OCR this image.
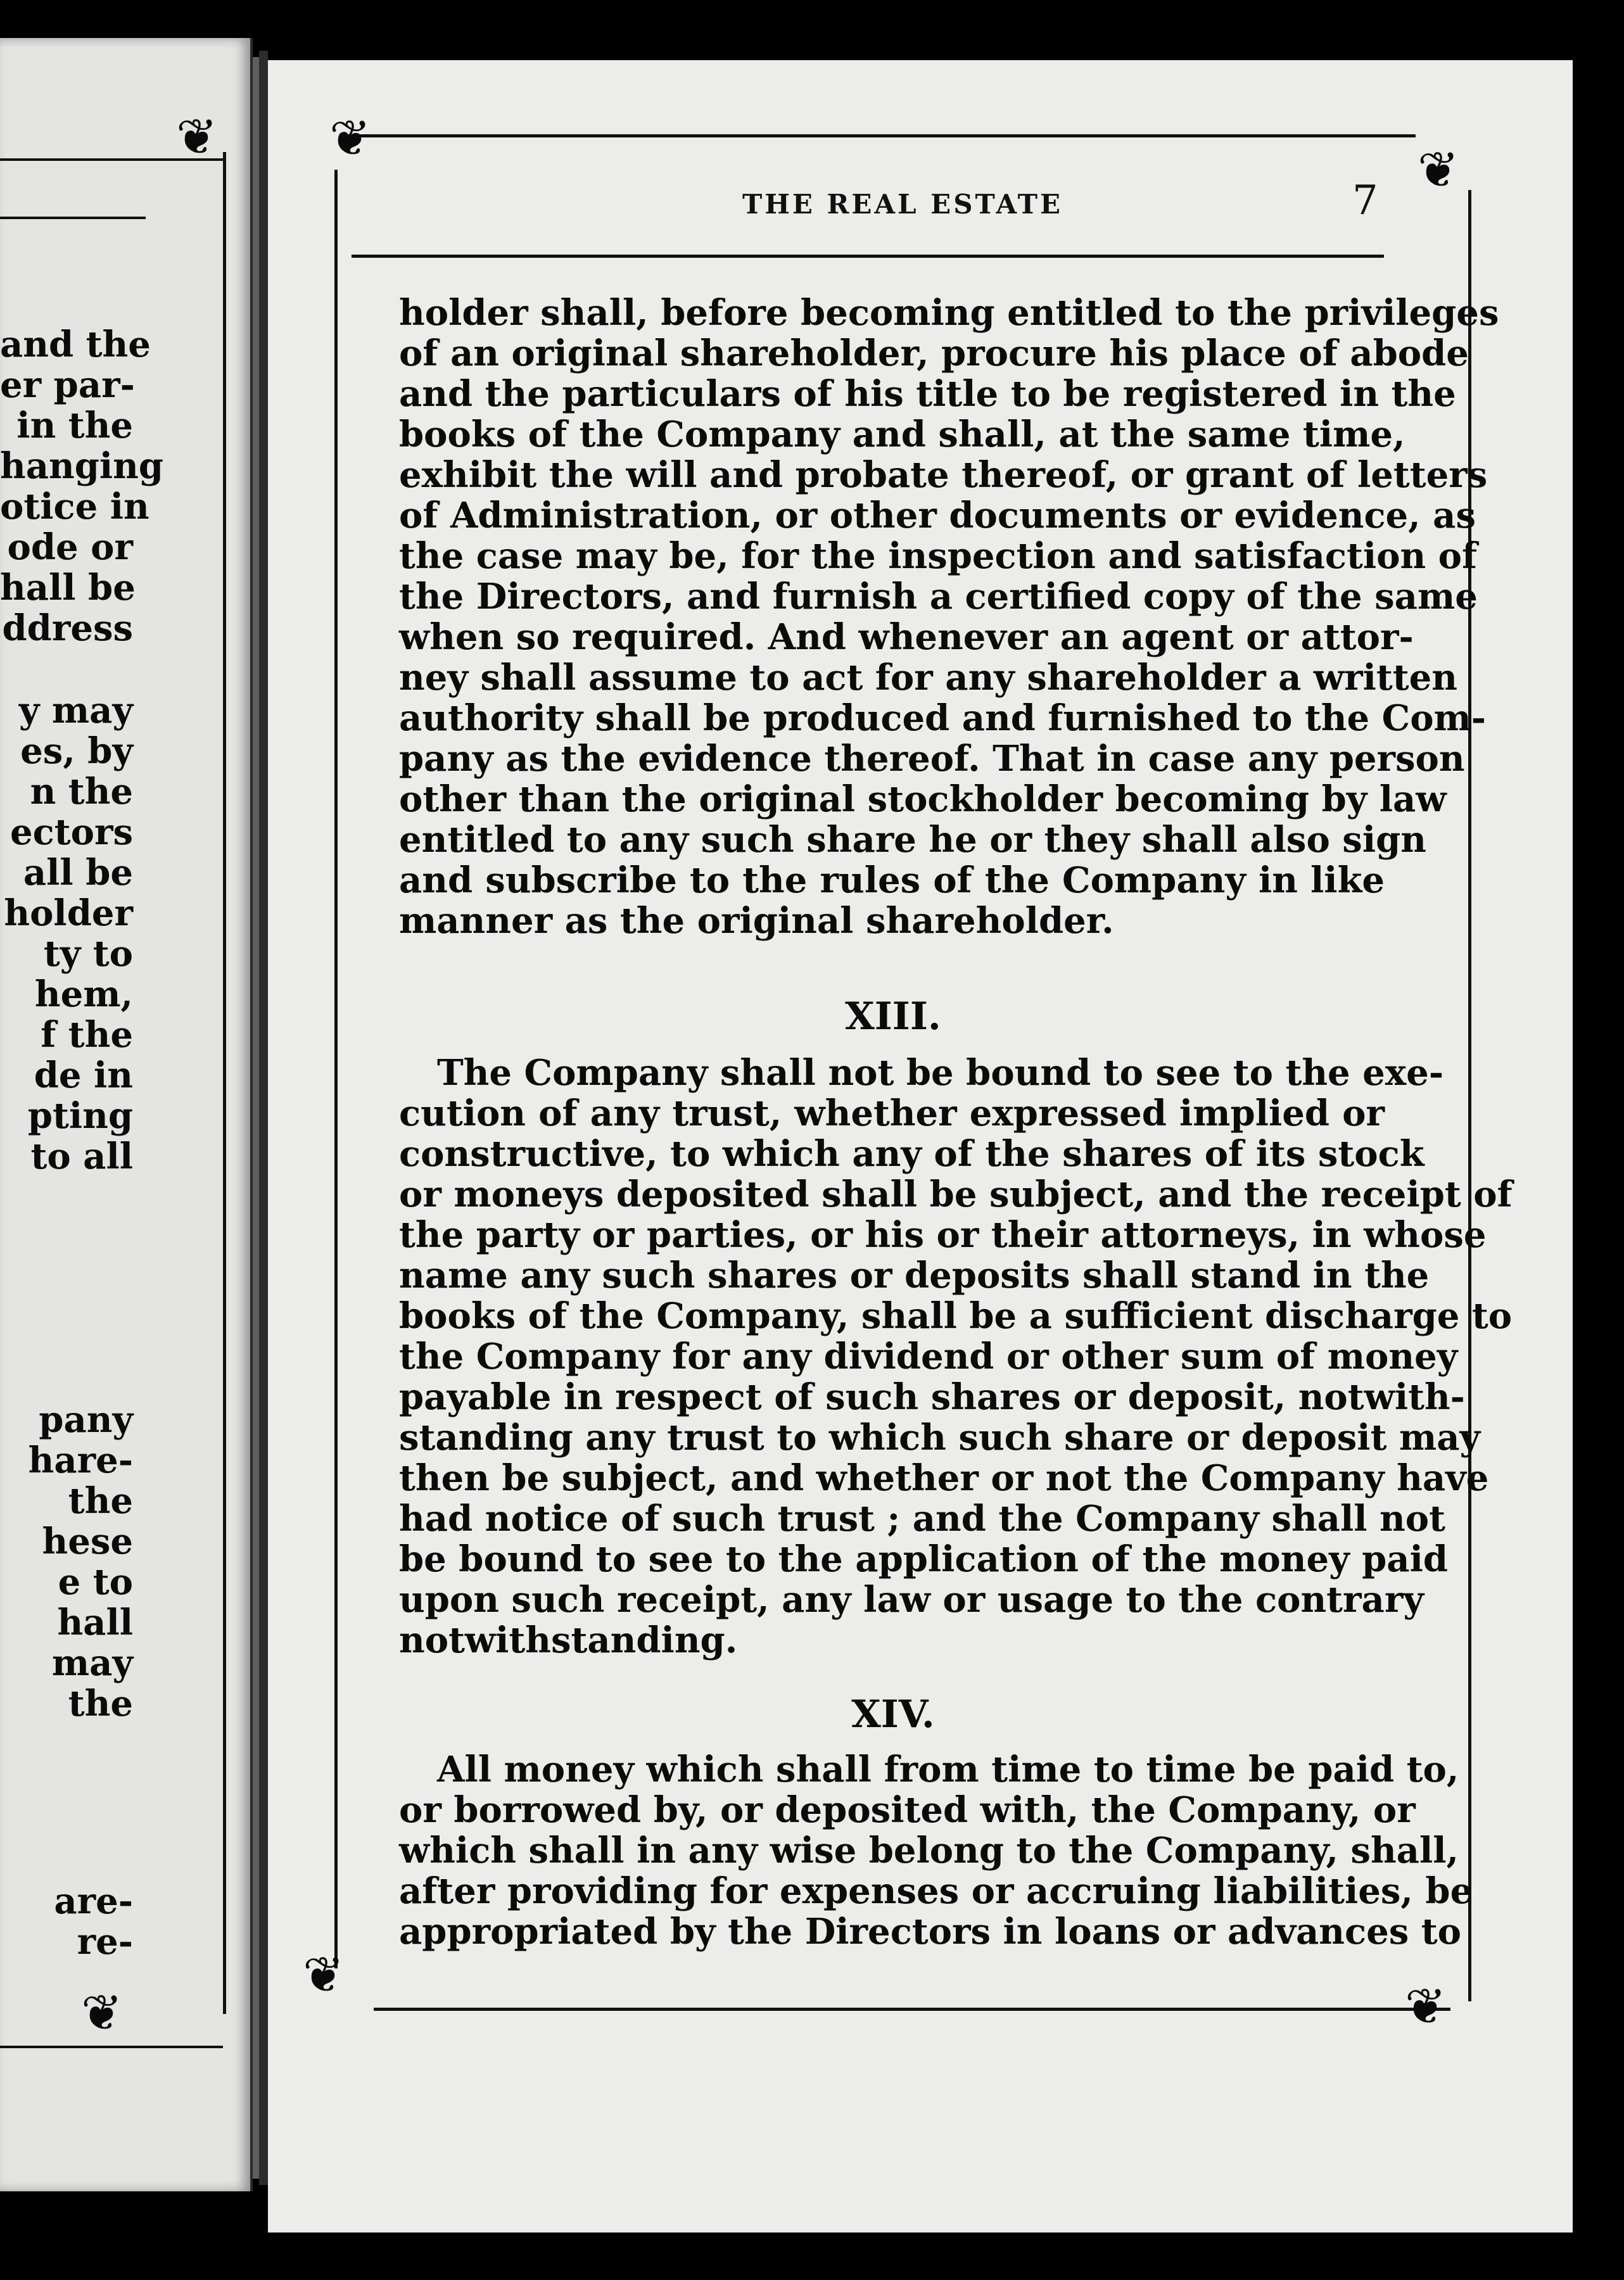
and the
er par-
in the
hanging
otice in
ode or
hall be
ddress
y may
es, by
n the
ectors
all be
holder
ty to
hem,
f the
de in
pting
to all
pany
hare-
the
hese
e to
hall
may
the
are-
re-
❦
❦
❦
❦
❦
❦
THE REAL ESTATE	7
holder shall, before becoming entitled to the privileges
of an original shareholder, procure his place of abode
and the particulars of his title to be registered in the
books of the Company and shall, at the same time,
exhibit the will and probate thereof, or grant of letters
of Administration, or other documents or evidence, as
the case may be, for the inspection and satisfaction of
the Directors, and furnish a certified copy of the same
when so required. And whenever an agent or attor-
ney shall assume to act for any shareholder a written
authority shall be produced and furnished to the Com-
pany as the evidence thereof. That in case any person
other than the original stockholder becoming by law
entitled to any such share he or they shall also sign
and subscribe to the rules of the Company in like
manner as the original shareholder.
XIII.
The Company shall not be bound to see to the exe-
cution of any trust, whether expressed implied or
constructive, to which any of the shares of its stock
or moneys deposited shall be subject, and the receipt of
the party or parties, or his or their attorneys, in whose
name any such shares or deposits shall stand in the
books of the Company, shall be a sufficient discharge to
the Company for any dividend or other sum of money
payable in respect of such shares or deposit, notwith-
standing any trust to which such share or deposit may
then be subject, and whether or not the Company have
had notice of such trust ; and the Company shall not
be bound to see to the application of the money paid
upon such receipt, any law or usage to the contrary
notwithstanding.
XIV.
All money which shall from time to time be paid to,
or borrowed by, or deposited with, the Company, or
which shall in any wise belong to the Company, shall,
after providing for expenses or accruing liabilities, be
appropriated by the Directors in loans or advances to
